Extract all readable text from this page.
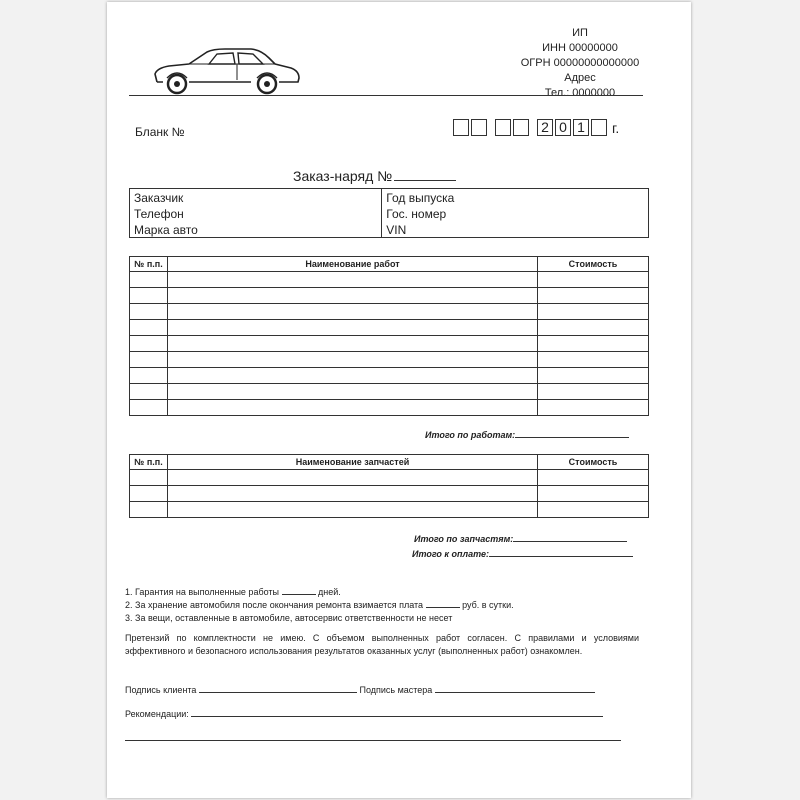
ИП
ИНН 00000000
ОГРН 00000000000000
Адрес
Тел.: 0000000
Бланк №	2 0 1 г.
Заказ-наряд №
Заказчик	Год выпуска
Телефон	Гос. номер
Марка авто	VIN
№ п.п.	Наименование работ	Стоимость

Итого по работам:
№ п.п.	Наименование запчастей	Стоимость

Итого по запчастям:
Итого к оплате:
1. Гарантия на выполненные работы	дней.
2. За хранение автомобиля после окончания ремонта взимается плата	руб. в сутки.
3. За вещи, оставленные в автомобиле, автосервис ответственности не несет
Претензий по комплектности не имею. С объемом выполненных работ согласен. С правилами и условиями эффективного и безопасного использования результатов оказанных услуг (выполненных работ) ознакомлен.
Подпись клиента	Подпись мастера
Рекомендации:
